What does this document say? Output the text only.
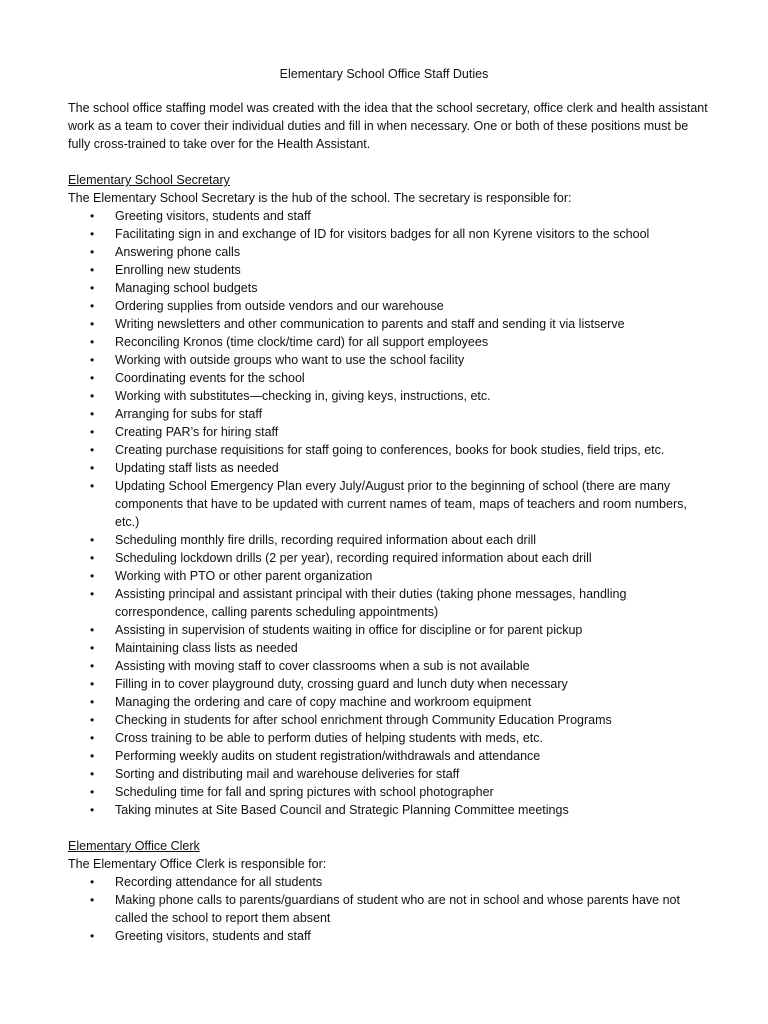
Elementary School Office Staff Duties
The school office staffing model was created with the idea that the school secretary, office clerk and health assistant work as a team to cover their individual duties and fill in when necessary. One or both of these positions must be fully cross-trained to take over for the Health Assistant.
Elementary School Secretary
The Elementary School Secretary is the hub of the school. The secretary is responsible for:
• Greeting visitors, students and staff
• Facilitating sign in and exchange of ID for visitors badges for all non Kyrene visitors to the school
• Answering phone calls
• Enrolling new students
• Managing school budgets
• Ordering supplies from outside vendors and our warehouse
• Writing newsletters and other communication to parents and staff and sending it via listserve
• Reconciling Kronos (time clock/time card) for all support employees
• Working with outside groups who want to use the school facility
• Coordinating events for the school
• Working with substitutes—checking in, giving keys, instructions, etc.
• Arranging for subs for staff
• Creating PAR’s for hiring staff
• Creating purchase requisitions for staff going to conferences, books for book studies, field trips, etc.
• Updating staff lists as needed
• Updating School Emergency Plan every July/August prior to the beginning of school (there are many components that have to be updated with current names of team, maps of teachers and room numbers, etc.)
• Scheduling monthly fire drills, recording required information about each drill
• Scheduling lockdown drills (2 per year), recording required information about each drill
• Working with PTO or other parent organization
• Assisting principal and assistant principal with their duties (taking phone messages, handling correspondence, calling parents scheduling appointments)
• Assisting in supervision of students waiting in office for discipline or for parent pickup
• Maintaining class lists as needed
• Assisting with moving staff to cover classrooms when a sub is not available
• Filling in to cover playground duty, crossing guard and lunch duty when necessary
• Managing the ordering and care of copy machine and workroom equipment
• Checking in students for after school enrichment through Community Education Programs
• Cross training to be able to perform duties of helping students with meds, etc.
• Performing weekly audits on student registration/withdrawals and attendance
• Sorting and distributing mail and warehouse deliveries for staff
• Scheduling time for fall and spring pictures with school photographer
• Taking minutes at Site Based Council and Strategic Planning Committee meetings
Elementary Office Clerk
The Elementary Office Clerk is responsible for:
• Recording attendance for all students
• Making phone calls to parents/guardians of student who are not in school and whose parents have not called the school to report them absent
• Greeting visitors, students and staff
